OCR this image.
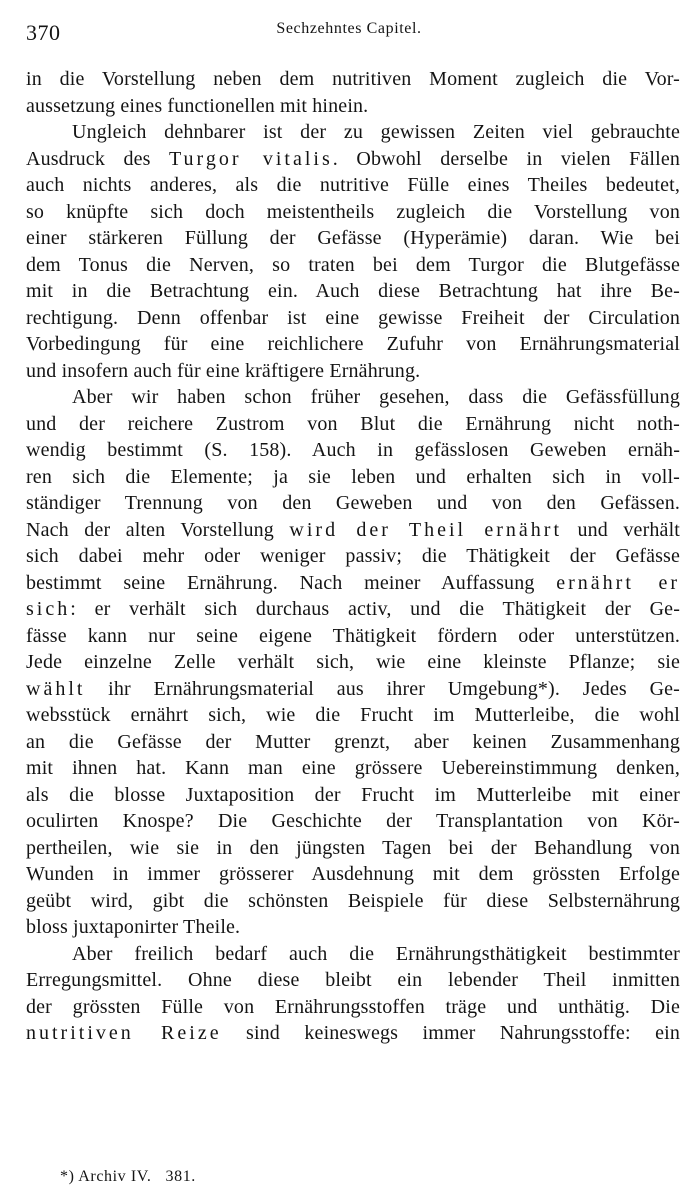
370	Sechzehntes Capitel.
in die Vorstellung neben dem nutritiven Moment zugleich die Vor-
aussetzung eines functionellen mit hinein.
Ungleich dehnbarer ist der zu gewissen Zeiten viel gebrauchte
Ausdruck des Turgor vitalis. Obwohl derselbe in vielen Fällen
auch nichts anderes, als die nutritive Fülle eines Theiles bedeutet,
so knüpfte sich doch meistentheils zugleich die Vorstellung von
einer stärkeren Füllung der Gefässe (Hyperämie) daran. Wie bei
dem Tonus die Nerven, so traten bei dem Turgor die Blutgefässe
mit in die Betrachtung ein. Auch diese Betrachtung hat ihre Be-
rechtigung. Denn offenbar ist eine gewisse Freiheit der Circulation
Vorbedingung für eine reichlichere Zufuhr von Ernährungsmaterial
und insofern auch für eine kräftigere Ernährung.
Aber wir haben schon früher gesehen, dass die Gefässfüllung
und der reichere Zustrom von Blut die Ernährung nicht noth-
wendig bestimmt (S. 158). Auch in gefässlosen Geweben ernäh-
ren sich die Elemente; ja sie leben und erhalten sich in voll-
ständiger Trennung von den Geweben und von den Gefässen.
Nach der alten Vorstellung wird der Theil ernährt und verhält
sich dabei mehr oder weniger passiv; die Thätigkeit der Gefässe
bestimmt seine Ernährung. Nach meiner Auffassung ernährt er
sich: er verhält sich durchaus activ, und die Thätigkeit der Ge-
fässe kann nur seine eigene Thätigkeit fördern oder unterstützen.
Jede einzelne Zelle verhält sich, wie eine kleinste Pflanze; sie
wählt ihr Ernährungsmaterial aus ihrer Umgebung*). Jedes Ge-
websstück ernährt sich, wie die Frucht im Mutterleibe, die wohl
an die Gefässe der Mutter grenzt, aber keinen Zusammenhang
mit ihnen hat. Kann man eine grössere Uebereinstimmung denken,
als die blosse Juxtaposition der Frucht im Mutterleibe mit einer
oculirten Knospe? Die Geschichte der Transplantation von Kör-
pertheilen, wie sie in den jüngsten Tagen bei der Behandlung von
Wunden in immer grösserer Ausdehnung mit dem grössten Erfolge
geübt wird, gibt die schönsten Beispiele für diese Selbsternährung
bloss juxtaponirter Theile.
Aber freilich bedarf auch die Ernährungsthätigkeit bestimmter
Erregungsmittel. Ohne diese bleibt ein lebender Theil inmitten
der grössten Fülle von Ernährungsstoffen träge und unthätig. Die
nutritiven Reize sind keineswegs immer Nahrungsstoffe: ein
*) Archiv IV. 381.
